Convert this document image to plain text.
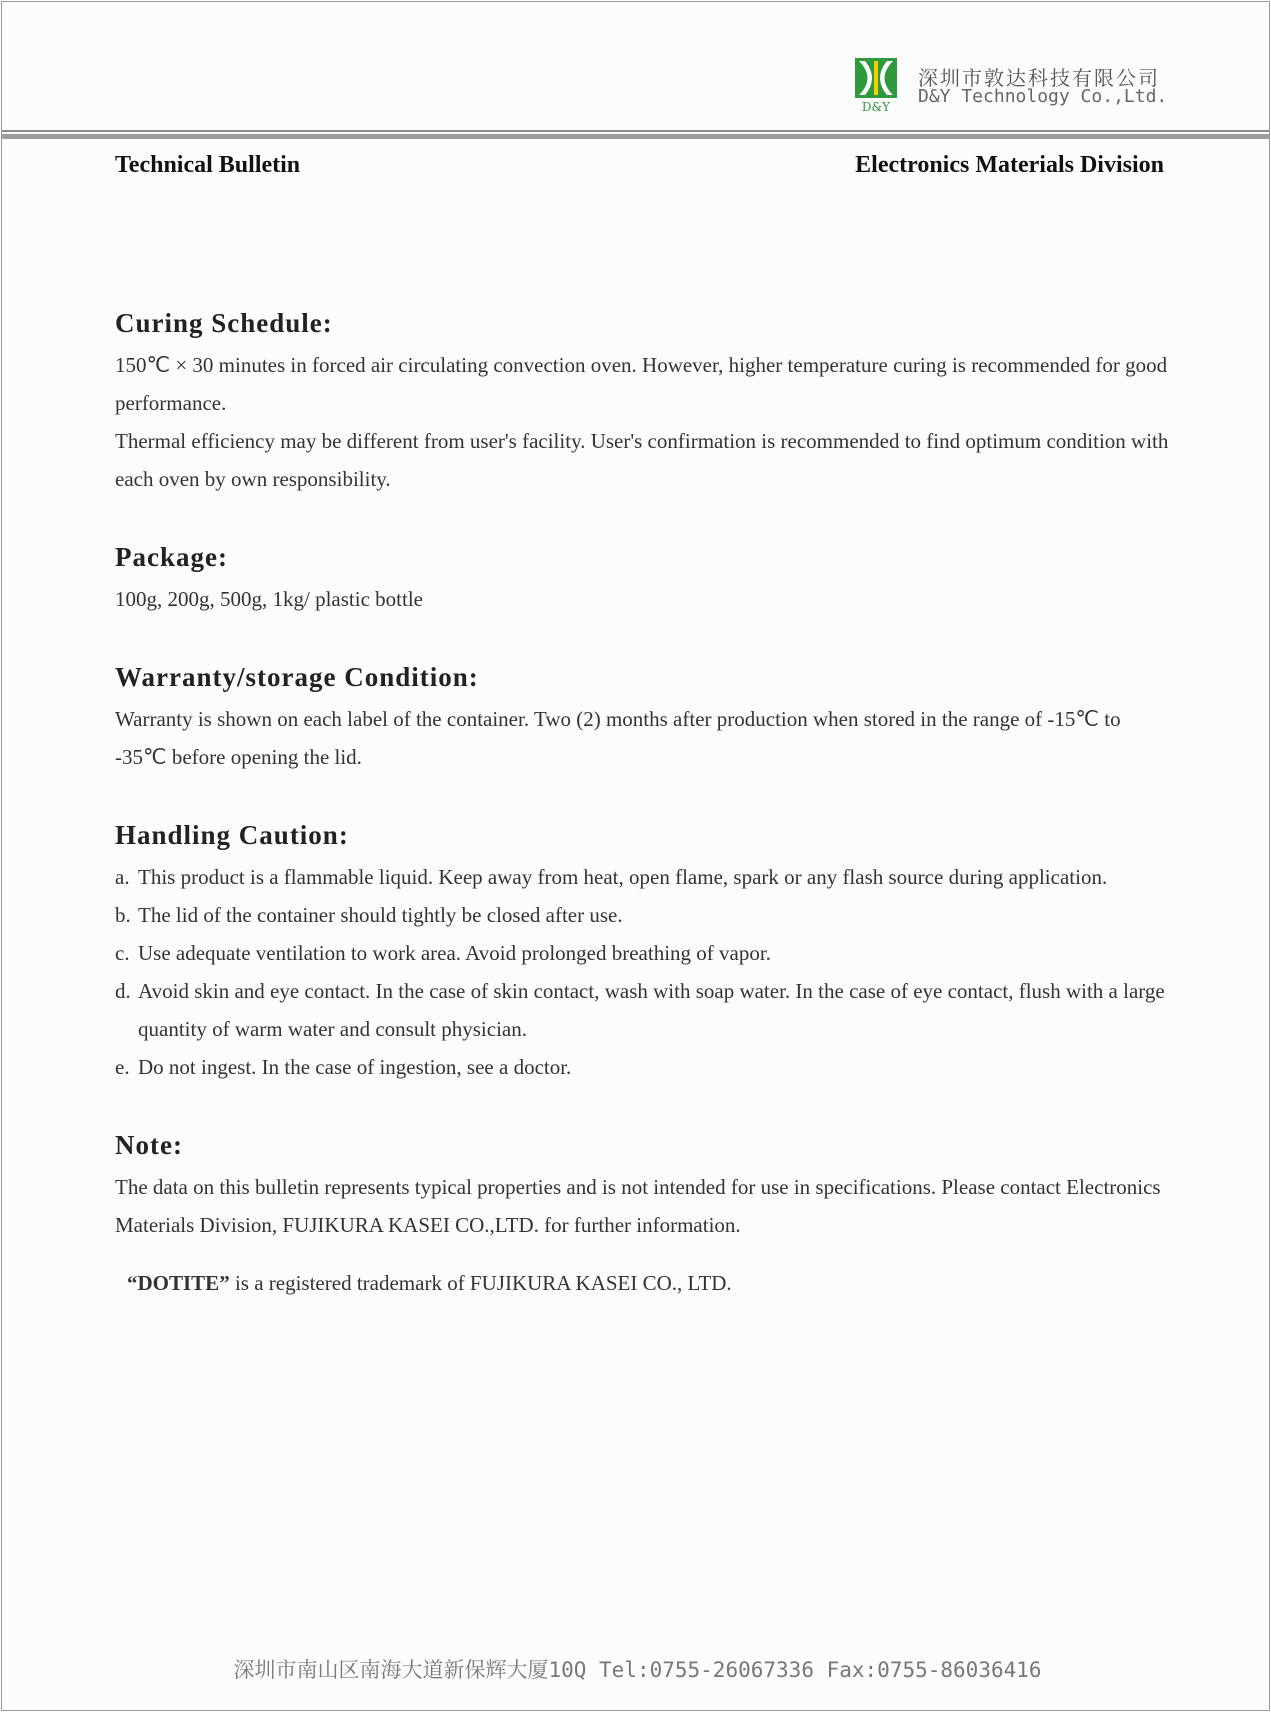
D&Y
深圳市敦达科技有限公司
D&Y Technology Co.,Ltd.
Technical Bulletin	Electronics Materials Division
Curing Schedule:

150℃ × 30 minutes in forced air circulating convection oven. However, higher temperature curing is recommended for good performance.

Thermal efficiency may be different from user's facility. User's confirmation is recommended to find optimum condition with each oven by own responsibility.

Package:

100g, 200g, 500g, 1kg/ plastic bottle

Warranty/storage Condition:

Warranty is shown on each label of the container. Two (2) months after production when stored in the range of -15℃ to -35℃ before opening the lid.

Handling Caution:
a. This product is a flammable liquid. Keep away from heat, open flame, spark or any flash source during application.
b. The lid of the container should tightly be closed after use.
c. Use adequate ventilation to work area. Avoid prolonged breathing of vapor.
d. Avoid skin and eye contact. In the case of skin contact, wash with soap water. In the case of eye contact, flush with a large quantity of warm water and consult physician.
e. Do not ingest. In the case of ingestion, see a doctor.
Note:

The data on this bulletin represents typical properties and is not intended for use in specifications. Please contact Electronics Materials Division, FUJIKURA KASEI CO.,LTD. for further information.

“DOTITE” is a registered trademark of FUJIKURA KASEI CO., LTD.
深圳市南山区南海大道新保辉大厦10Q Tel:0755-26067336 Fax:0755-86036416
